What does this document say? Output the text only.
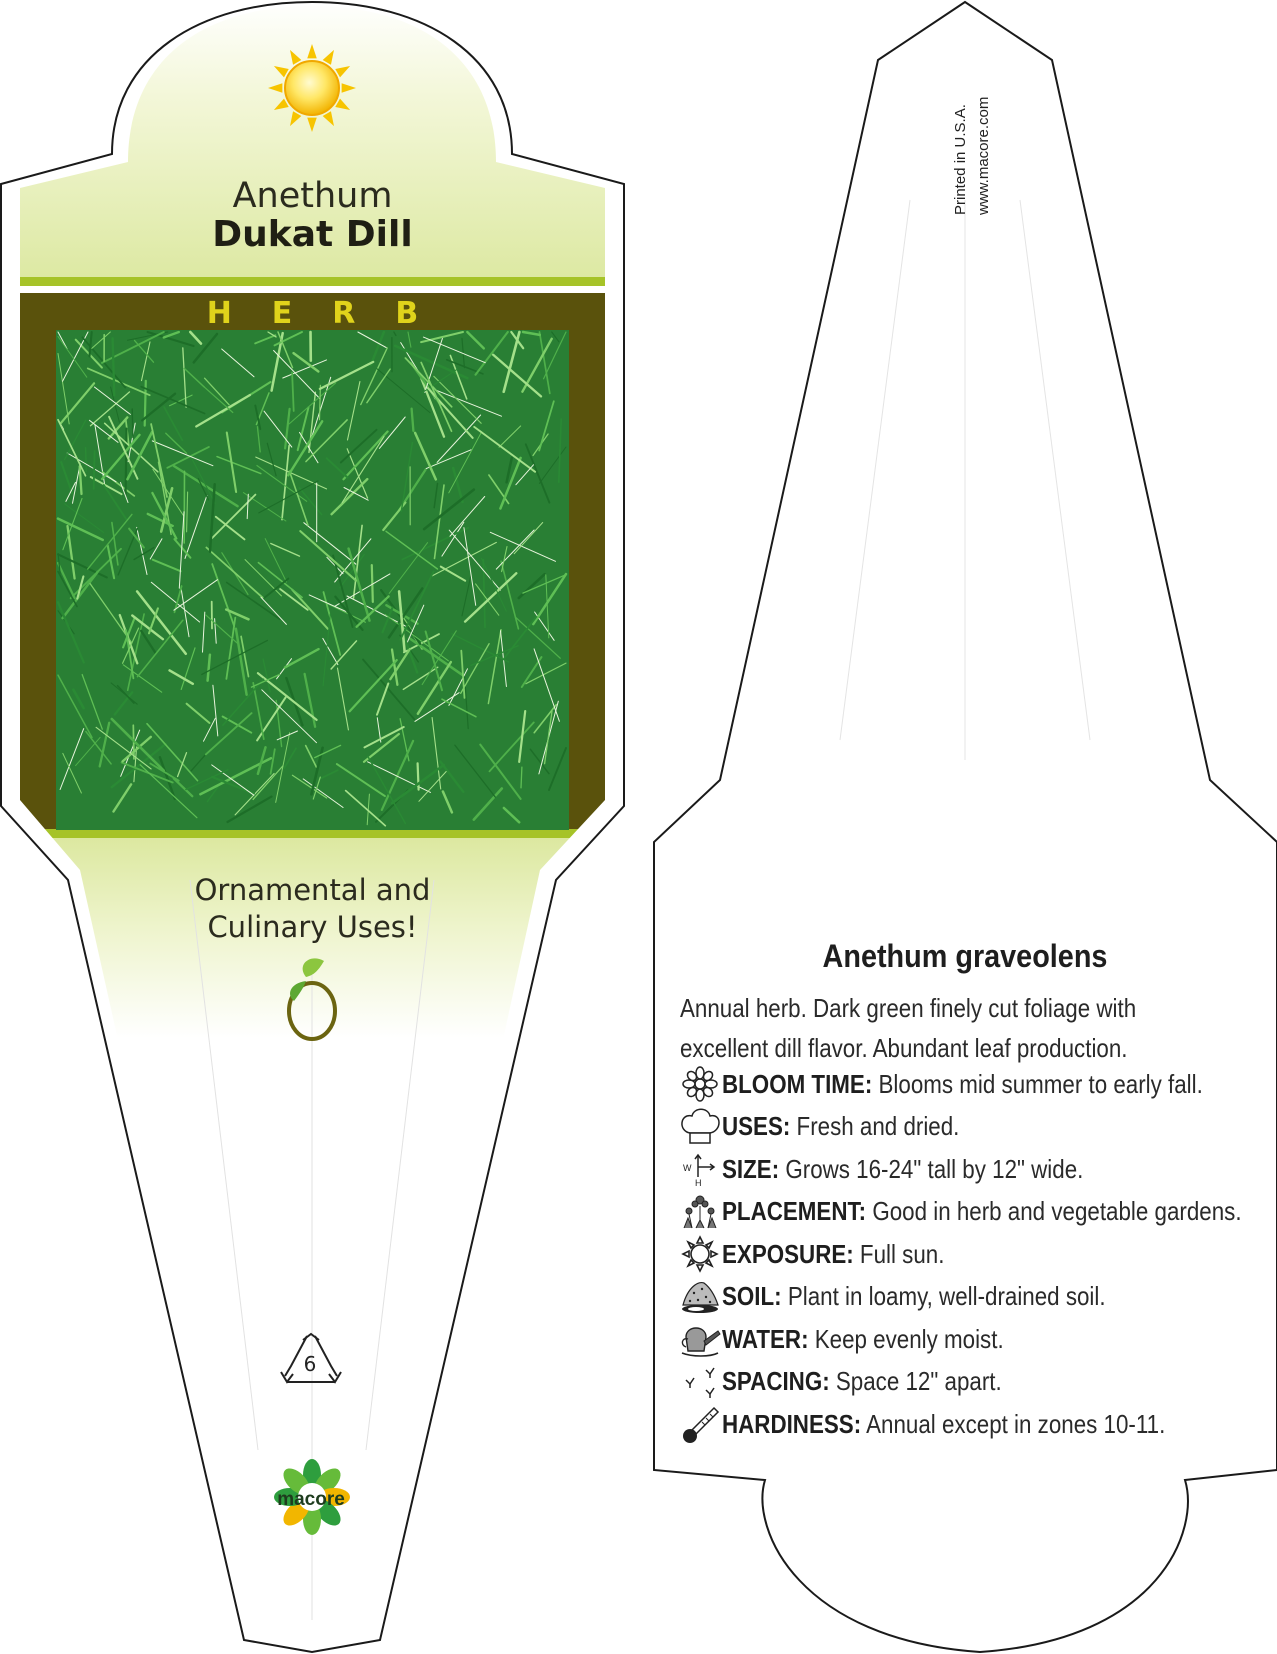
Anethum
Dukat Dill
HERB
Ornamental and
Culinary Uses!
6
macore
Printed in U.S.A. www.macore.com
Anethum graveolens
Annual herb. Dark green finely cut foliage with
excellent dill flavor. Abundant leaf production.
BLOOM TIME: Blooms mid summer to early fall.
USES: Fresh and dried.
W
H SIZE: Grows 16-24" tall by 12" wide.
PLACEMENT: Good in herb and vegetable gardens.
EXPOSURE: Full sun.
SOIL: Plant in loamy, well-drained soil.
WATER: Keep evenly moist.
SPACING: Space 12" apart.
HARDINESS: Annual except in zones 10-11.
